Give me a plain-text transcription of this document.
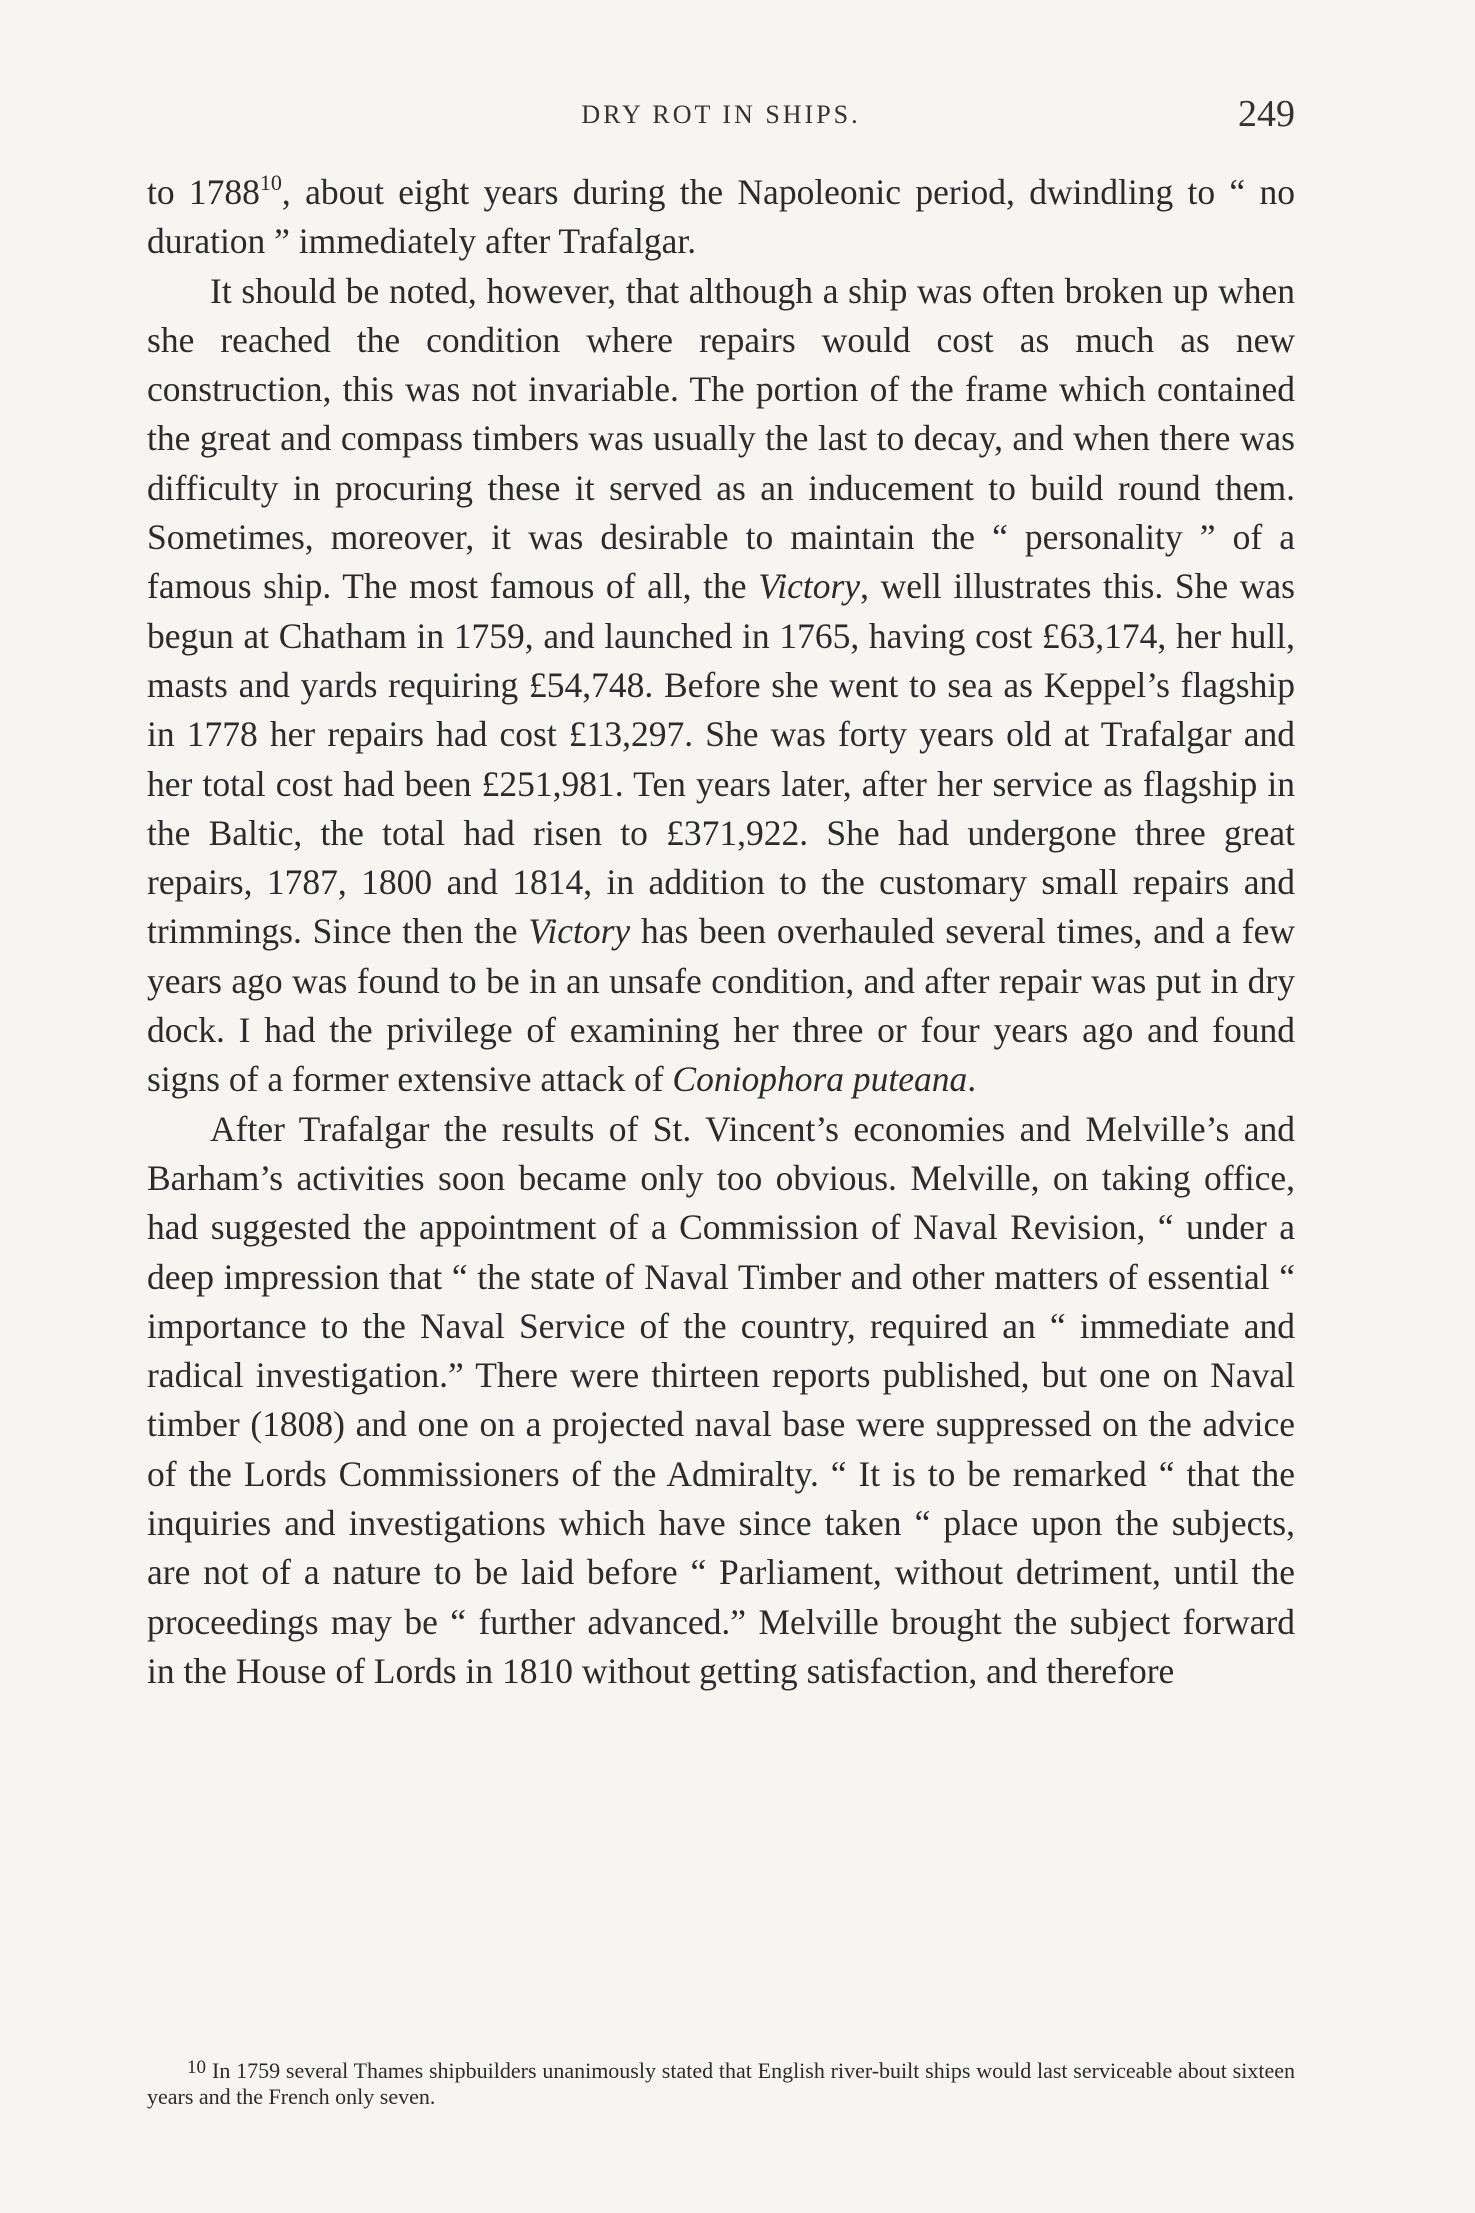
DRY ROT IN SHIPS.	249

to 1788$^{10}$, about eight years during the Napoleonic period, dwindling to “ no duration ” immediately after Trafalgar.

It should be noted, however, that although a ship was often broken up when she reached the condition where repairs would cost as much as new construction, this was not invariable. The portion of the frame which contained the great and compass timbers was usually the last to decay, and when there was difficulty in procuring these it served as an inducement to build round them. Sometimes, moreover, it was desirable to maintain the “ personality ” of a famous ship. The most famous of all, the Victory, well illustrates this. She was begun at Chatham in 1759, and launched in 1765, having cost £63,174, her hull, masts and yards requiring £54,748. Before she went to sea as Keppel’s flagship in 1778 her repairs had cost £13,297. She was forty years old at Trafalgar and her total cost had been £251,981. Ten years later, after her service as flagship in the Baltic, the total had risen to £371,922. She had undergone three great repairs, 1787, 1800 and 1814, in addition to the customary small repairs and trimmings. Since then the Victory has been overhauled several times, and a few years ago was found to be in an unsafe condition, and after repair was put in dry dock. I had the privilege of examining her three or four years ago and found signs of a former extensive attack of Coniophora puteana.

After Trafalgar the results of St. Vincent’s economies and Melville’s and Barham’s activities soon became only too obvious. Melville, on taking office, had suggested the appointment of a Commission of Naval Revision, “ under a deep impression that “ the state of Naval Timber and other matters of essential “ importance to the Naval Service of the country, required an “ immediate and radical investigation.” There were thirteen reports published, but one on Naval timber (1808) and one on a projected naval base were suppressed on the advice of the Lords Commissioners of the Admiralty. “ It is to be remarked “ that the inquiries and investigations which have since taken “ place upon the subjects, are not of a nature to be laid before “ Parliament, without detriment, until the proceedings may be “ further advanced.” Melville brought the subject forward in the House of Lords in 1810 without getting satisfaction, and therefore

10 In 1759 several Thames shipbuilders unanimously stated that English river-built ships would last serviceable about sixteen years and the French only seven.
